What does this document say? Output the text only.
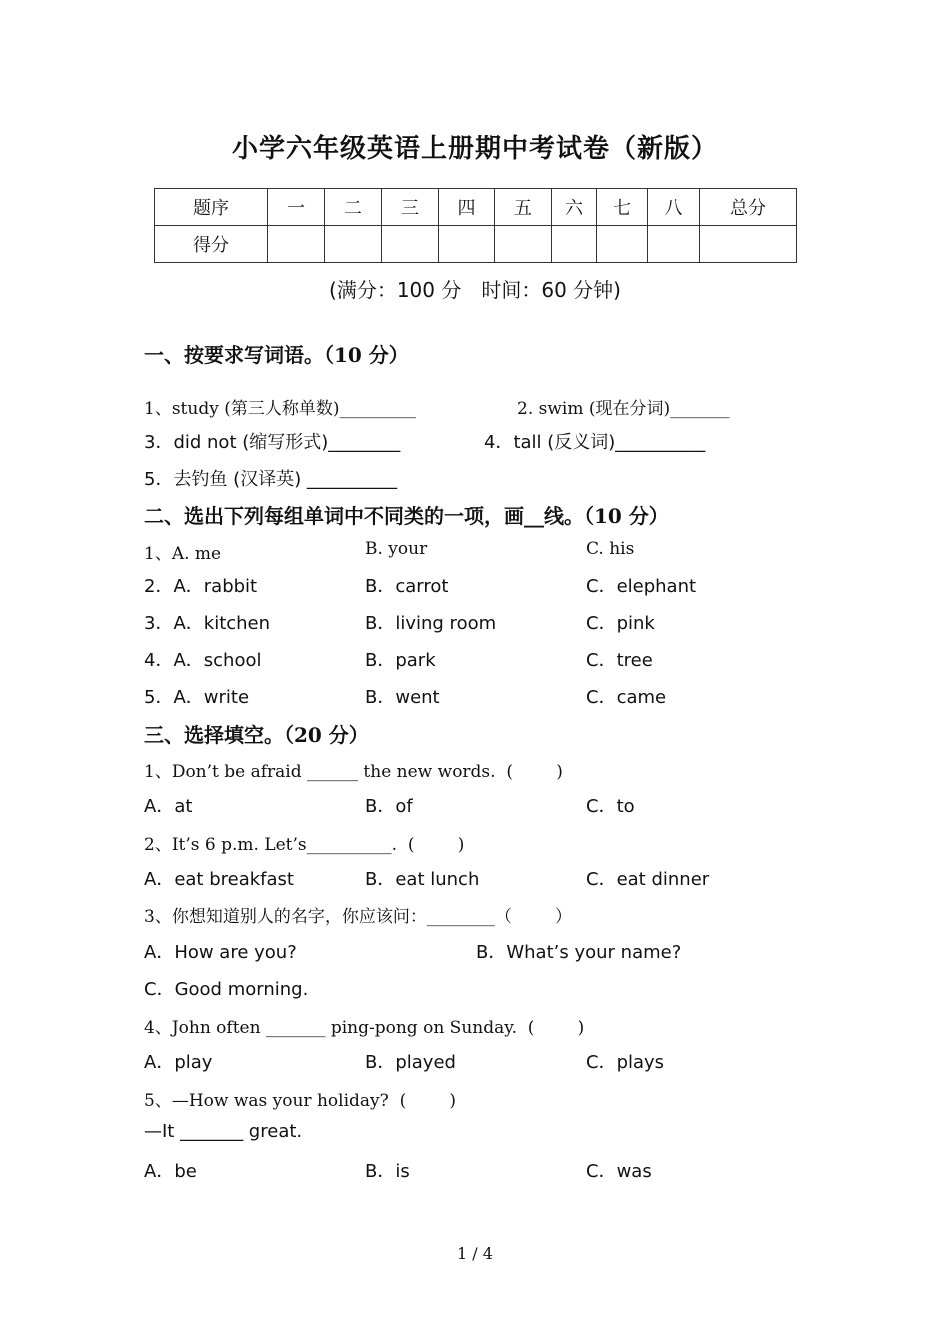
小学六年级英语上册期中考试卷（新版）
题序	一	二	三	四	五	六	七	八	总分
得分									
(满分：100 分　时间：60 分钟)
一、按要求写词语。（10 分）
1、study (第三人称单数)_________	2. swim (现在分词)_______
3．did not (缩写形式)________	4．tall (反义词)__________
5．去钓鱼 (汉译英) __________
二、选出下列每组单词中不同类的一项，画__线。（10 分）
1、A. me	B. your	C. his
2．A．rabbit	B．carrot	C．elephant
3．A．kitchen	B．living room	C．pink
4．A．school	B．park	C．tree
5．A．write	B．went	C．came
三、选择填空。（20 分）
1、Don’t be afraid ______ the new words.  (        )
A．at	B．of	C．to
2、It’s 6 p.m. Let’s__________.  (        )
A．eat breakfast	B．eat lunch	C．eat dinner
3、你想知道别人的名字，你应该问：________（        ）
A．How are you?	B．What’s your name?
C．Good morning.
4、John often _______ ping-pong on Sunday.  (        )
A．play	B．played	C．plays
5、—How was your holiday?  (        )
—It _______ great.
A．be	B．is	C．was
1 / 4
